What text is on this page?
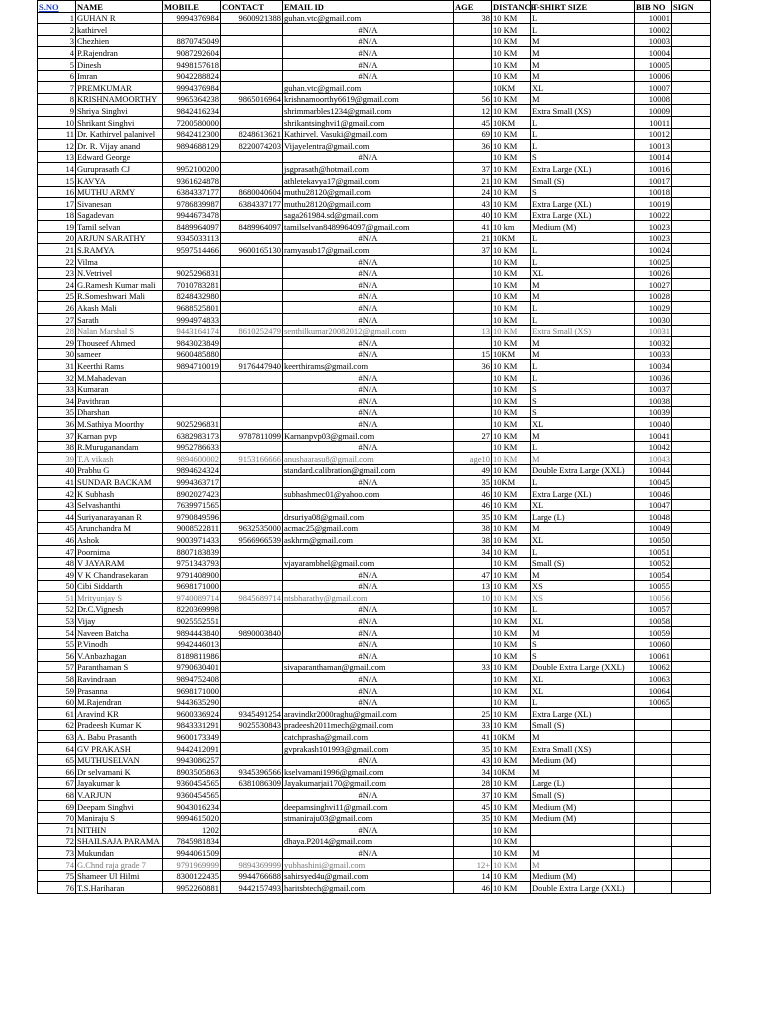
S.NO	NAME	MOBILE	CONTACT	EMAIL ID	AGE	DISTANCE	T-SHIRT SIZE	BIB NO	SIGN
1	GUHAN R	9994376984	9600921388	guhan.vtc@gmail.com	38	10 KM	L	10001	
2	kathirvel			#N/A		10 KM	L	10002	
3	Chezhien	8870745049		#N/A		10 KM	M	10003	
4	P.Rajendran	9087292604		#N/A		10 KM	M	10004	
5	Dinesh	9498157618		#N/A		10 KM	M	10005	
6	Imran	9042288824		#N/A		10 KM	M	10006	
7	PREMKUMAR	9994376984		guhan.vtc@gmail.com		10KM	XL	10007	
8	KRISHNAMOORTHY	9965364238	9865016964	krishnamoorthy6619@gmail.com	56	10 KM	M	10008	
9	Shriya Singhvi	9842416234		shrimmarbles1234@gmail.com	12	10 KM	Extra Small (XS)	10009	
10	Shrikant Singhvi	7200580000		shrikantsinghvi1@gmail.com	45	10KM	L	10011	
11	Dr. Kathirvel palanivel	9842412300	8248613621	Kathirvel. Vasuki@gmail.com	69	10 KM	L	10012	
12	Dr. R. Vijay anand	9894688129	8220074203	Vijayelentra@gmail.com	36	10 KM	L	10013	
13	Edward George			#N/A		10 KM	S	10014	
14	Guruprasath CJ	9952100200		jsgprasath@hotmail.com	37	10 KM	Extra Large (XL)	10016	
15	KAVYA	9361624878		athletekavya17@gmail.com	21	10 KM	Small (S)	10017	
16	MUTHU ARMY	6384337177	8680040604	muthu28120@gmail.com	24	10 KM	S	10018	
17	Sivanesan	9786839987	6384337177	muthu28120@gmail.com	43	10 KM	Extra Large (XL)	10019	
18	Sagadevan	9944673478		saga261984.sd@gmail.com	40	10 KM	Extra Large (XL)	10022	
19	Tamil selvan	8489964097	8489964097	tamilselvan8489964097@gmail.com	41	10 km	Medium (M)	10023	
20	ARJUN SARATHY	9345033113		#N/A	21	10KM	L	10023	
21	S.RAMYA	9597514466	9600165130	ramyasub17@gmail.com	37	10 KM	L	10024	
22	Vilma			#N/A		10 KM	L	10025	
23	N.Vetrivel	9025296831		#N/A		10 KM	XL	10026	
24	G.Ramesh Kumar mali	7010783281		#N/A		10 KM	M	10027	
25	R.Someshwari Mali	8248432980		#N/A		10 KM	M	10028	
26	Akash Mali	9688525801		#N/A		10 KM	L	10029	
27	Sarath	9994974833		#N/A		10 KM	L	10030	
28	Nalan Marshal S	9443164174	8610252479	senthilkumar20082012@gmail.com	13	10 KM	Extra Small (XS)	10031	
29	Thouseef Ahmed	9843023849		#N/A		10 KM	M	10032	
30	sameer	9600485880		#N/A	15	10KM	M	10033	
31	Keerthi Rams	9894710019	9176447940	keerthirams@gmail.com	36	10 KM	L	10034	
32	M.Mahadevan			#N/A		10 KM	L	10036	
33	Kumaran			#N/A		10 KM	S	10037	
34	Pavithran			#N/A		10 KM	S	10038	
35	Dharshan			#N/A		10 KM	S	10039	
36	M.Sathiya Moorthy	9025296831		#N/A		10 KM	XL	10040	
37	Karnan pvp	6382983173	9787811099	Karnanpvp03@gmail.com	27	10 KM	M	10041	
38	R.Muruganandam	9952786633		#N/A		10 KM	L	10042	
39	T.A vikash	9894600002	9153166666	anushaarasu8@gmail.com	age10	10 KM	M	10043	
40	Prabhu G	9894624324		standard.calibration@gmail.com	49	10 KM	Double Extra Large (XXL)	10044	
41	SUNDAR BACKAM	9994363717		#N/A	35	10KM	L	10045	
42	K Subhash	8902027423		subhashmec01@yahoo.com	46	10 KM	Extra Large (XL)	10046	
43	Selvashanthi	7639971565			46	10 KM	XL	10047	
44	Suriyanarayanan R	9790849596		drsuriya08@gmail.com	35	10 KM	Large (L)	10048	
45	Arunchandra M	9008522811	9632535000	acmac25@gmail.com	38	10 KM	M	10049	
46	Ashok	9003971433	9566966539	askhrm@gmail.com	38	10 KM	XL	10050	
47	Poornima	8807183839			34	10 KM	L	10051	
48	V JAYARAM	9751343793		vjayarambhel@gmail.com		10 KM	Small (S)	10052	
49	V K Chandrasekaran	9791408900		#N/A	47	10 KM	M	10054	
50	Cibi Siddarth	9698171000		#N/A	13	10 KM	XS	10055	
51	Mrityunjay S	9740089714	9845689714	ntsbharathy@gmail.com	10	10 KM	XS	10056	
52	Dr.C.Vignesh	8220369998		#N/A		10 KM	L	10057	
53	Vijay	9025552551		#N/A		10 KM	XL	10058	
54	Naveen Batcha	9894443840	9890003840	#N/A		10 KM	M	10059	
55	P.Vinodh	9942446013		#N/A		10 KM	S	10060	
56	V.Anbazhagan	8189811986		#N/A		10 KM	S	10061	
57	Paranthaman S	9790630401		sivaparanthaman@gmail.com	33	10 KM	Double Extra Large (XXL)	10062	
58	Ravindraan	9894752408		#N/A		10 KM	XL	10063	
59	Prasanna	9698171000		#N/A		10 KM	XL	10064	
60	M.Rajendran	9443635290		#N/A		10 KM	L	10065	
61	Aravind KR	9600336924	9345491254	aravindkr2000raghu@gmail.com	25	10 KM	Extra Large (XL)		
62	Pradeesh Kumar K	9843331291	9025530843	pradeesh2011mech@gmail.com	33	10 KM	Small (S)		
63	A. Babu Prasanth	9600173349		catchprasha@gmail.com	41	10KM	M		
64	GV PRAKASH	9442412091		gvprakash101993@gmail.com	35	10 KM	Extra Small (XS)		
65	MUTHUSELVAN	9943086257		#N/A	43	10 KM	Medium (M)		
66	Dr selvamani K	8903505863	9345396566	kselvamani1996@gmail.com	34	10KM	M		
67	Jayakumar k	9360454565	6381086309	Jayakumarjai170@gmail.com	28	10 KM	Large (L)		
68	V.ARJUN	9360454565		#N/A	37	10 KM	Small (S)		
69	Deepam Singhvi	9043016234		deepamsinghvi11@gmail.com	45	10 KM	Medium (M)		
70	Maniraju S	9994615020		stmaniraju03@gmail.com	35	10 KM	Medium (M)		
71	NITHIN	1202		#N/A		10 KM			
72	SHAILSAJA PARAMA	7845981834		dhaya.P2014@gmail.com		10 KM			
73	Mukundan	9944061509		#N/A		10 KM	M		
74	G.Chnd raja grade 7	9791969999	9894369999	yubhashini@gmail.com	12+	10 KM	M		
75	Shameer Ul Hilmi	8300122435	9944766688	sahirsyed4u@gmail.com	14	10 KM	Medium (M)		
76	T.S.Hariharan	9952260881	9442157493	haritsbtech@gmail.com	46	10 KM	Double Extra Large (XXL)		
